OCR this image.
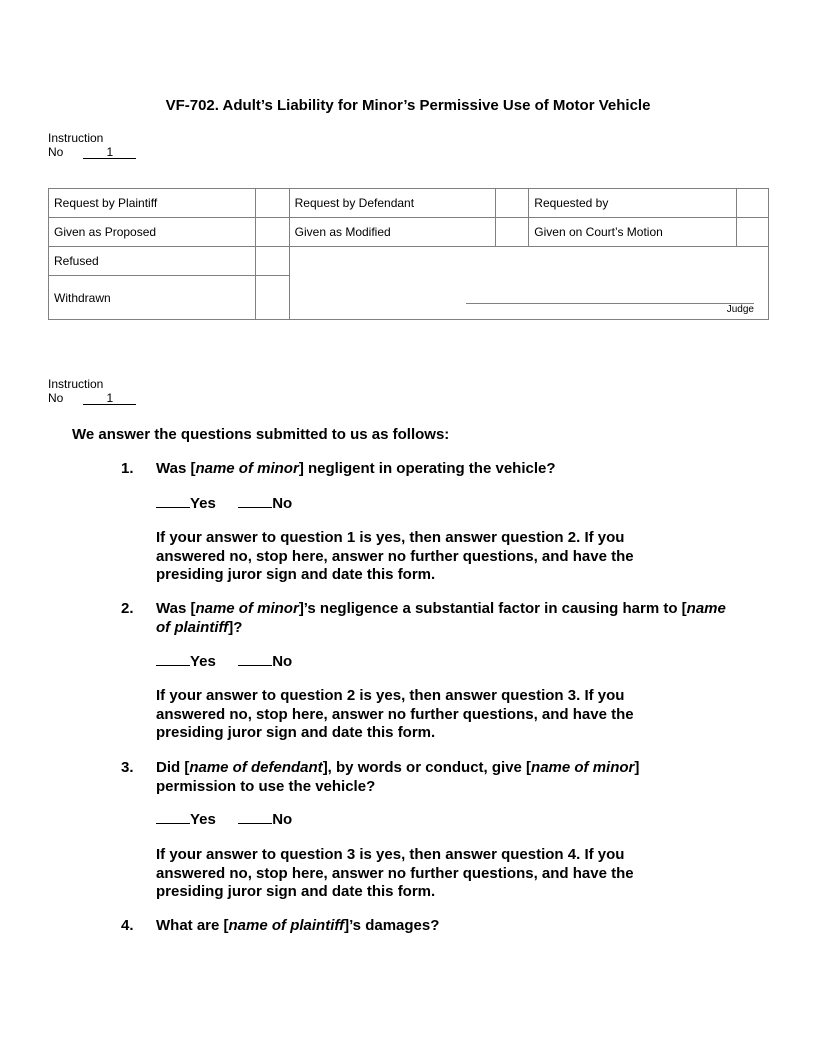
VF-702. Adult’s Liability for Minor’s Permissive Use of Motor Vehicle
Instruction
No	1
Request by Plaintiff		Request by Defendant		Requested by	
Given as Proposed		Given as Modified		Given on Court’s Motion	
Refused					
Withdrawn					
Judge
Instruction
No	1
We answer the questions submitted to us as follows:
1. Was [name of minor] negligent in operating the vehicle?
Yes	No
If your answer to question 1 is yes, then answer question 2. If you answered no, stop here, answer no further questions, and have the presiding juror sign and date this form.
2. Was [name of minor]’s negligence a substantial factor in causing harm to [name of plaintiff]?
Yes	No
If your answer to question 2 is yes, then answer question 3. If you answered no, stop here, answer no further questions, and have the presiding juror sign and date this form.
3. Did [name of defendant], by words or conduct, give [name of minor] permission to use the vehicle?
Yes	No
If your answer to question 3 is yes, then answer question 4. If you answered no, stop here, answer no further questions, and have the presiding juror sign and date this form.
4. What are [name of plaintiff]’s damages?
